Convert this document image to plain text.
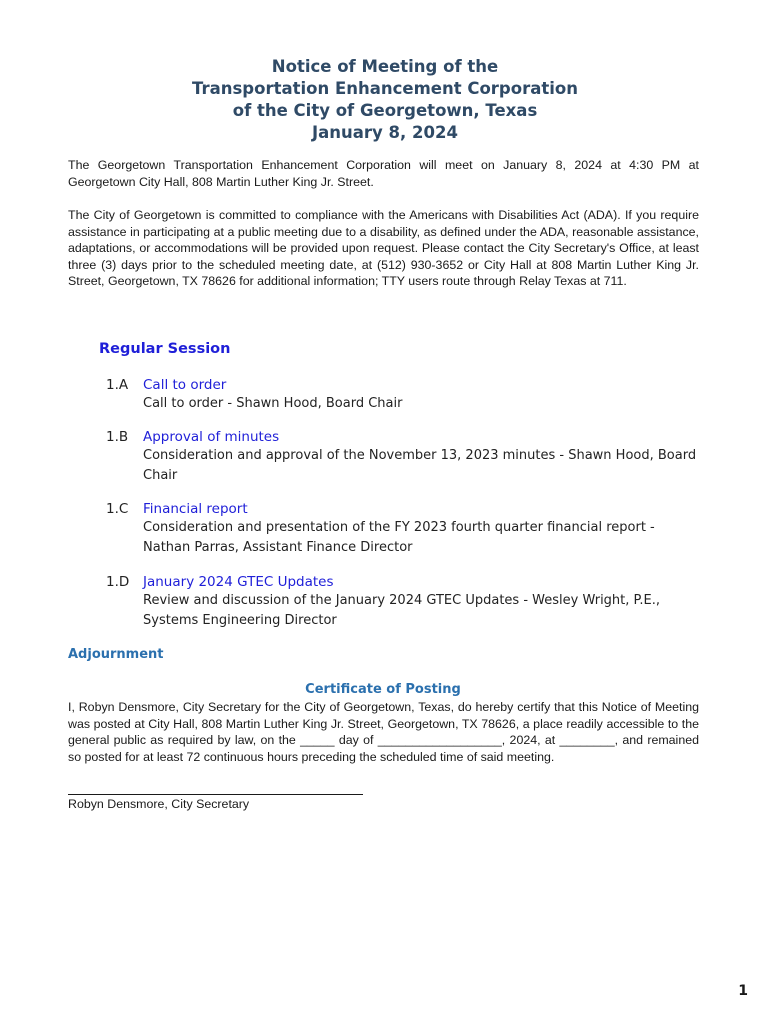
Notice of Meeting of the
Transportation Enhancement Corporation
of the City of Georgetown, Texas
January 8, 2024
The Georgetown Transportation Enhancement Corporation will meet on January 8, 2024 at 4:30 PM at Georgetown City Hall, 808 Martin Luther King Jr. Street.
The City of Georgetown is committed to compliance with the Americans with Disabilities Act (ADA). If you require assistance in participating at a public meeting due to a disability, as defined under the ADA, reasonable assistance, adaptations, or accommodations will be provided upon request. Please contact the City Secretary's Office, at least three (3) days prior to the scheduled meeting date, at (512) 930-3652 or City Hall at 808 Martin Luther King Jr. Street, Georgetown, TX 78626 for additional information; TTY users route through Relay Texas at 711.
Regular Session
1.A Call to order
Call to order - Shawn Hood, Board Chair
1.B Approval of minutes
Consideration and approval of the November 13, 2023 minutes - Shawn Hood, Board Chair
1.C Financial report
Consideration and presentation of the FY 2023 fourth quarter financial report - Nathan Parras, Assistant Finance Director
1.D January 2024 GTEC Updates
Review and discussion of the January 2024 GTEC Updates - Wesley Wright, P.E., Systems Engineering Director
Adjournment
Certificate of Posting
I, Robyn Densmore, City Secretary for the City of Georgetown, Texas, do hereby certify that this Notice of Meeting was posted at City Hall, 808 Martin Luther King Jr. Street, Georgetown, TX 78626, a place readily accessible to the general public as required by law, on the _____ day of __________________, 2024, at ________, and remained so posted for at least 72 continuous hours preceding the scheduled time of said meeting.
Robyn Densmore, City Secretary
1
